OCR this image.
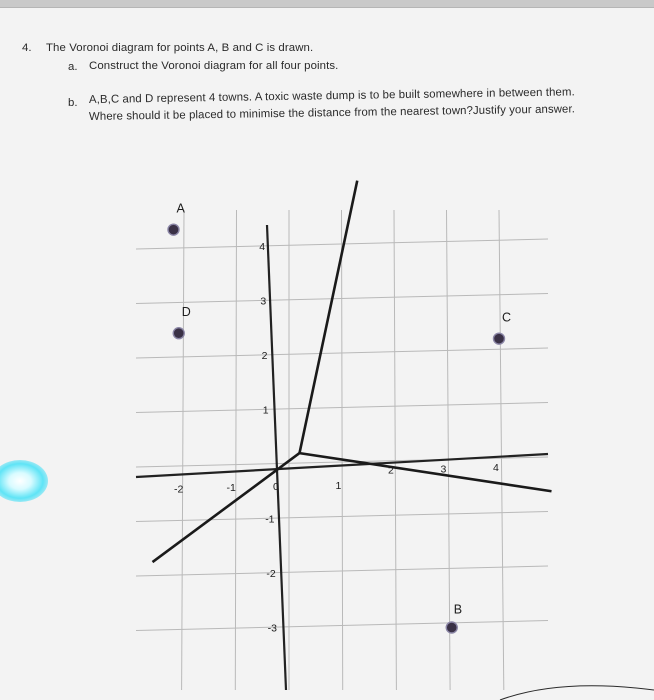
4. The Voronoi diagram for points A, B and C is drawn.
a. Construct the Voronoi diagram for all four points.
b. A,B,C and D represent 4 towns. A toxic waste dump is to be built somewhere in between them.
Where should it be placed to minimise the distance from the nearest town?Justify your answer.
-2	-1	0	1
2	3	4
4
3
2
1
-1
-2
-3
A
B
C
D
